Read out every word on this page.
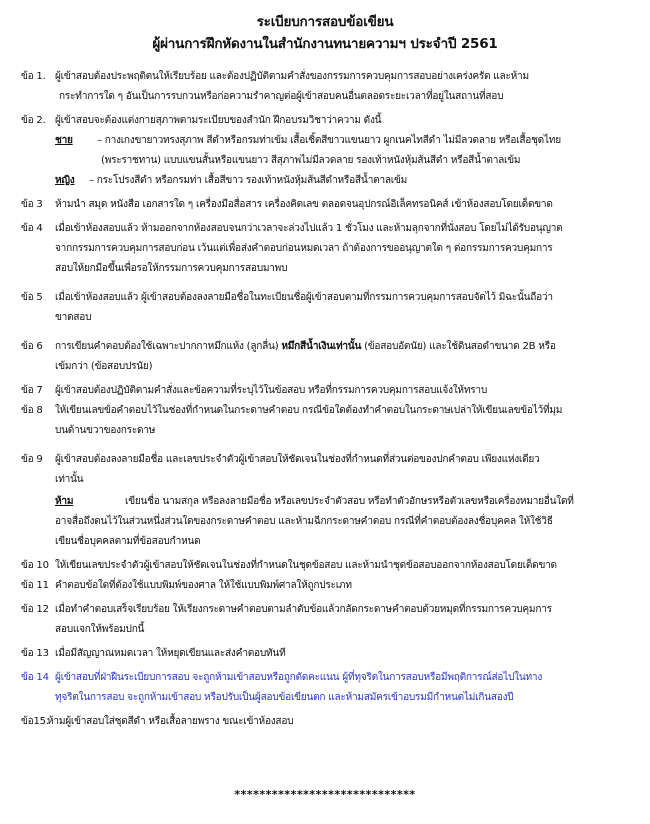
ระเบียบการสอบข้อเขียน
ผู้ผ่านการฝึกหัดงานในสำนักงานทนายความฯ ประจำปี 2561
ข้อ 1. ผู้เข้าสอบต้องประพฤติตนให้เรียบร้อย และต้องปฏิบัติตามคำสั่งของกรรมการควบคุมการสอบอย่างเคร่งครัด และห้าม
กระทำการใด ๆ อันเป็นการรบกวนหรือก่อความรำคาญต่อผู้เข้าสอบคนอื่นตลอดระยะเวลาที่อยู่ในสถานที่สอบ
ข้อ 2. ผู้เข้าสอบจะต้องแต่งกายสุภาพตามระเบียบของสำนัก ฝึกอบรมวิชาว่าความ ดังนี้
ชาย	– กางเกงขายาวทรงสุภาพ สีดำหรือกรมท่าเข้ม เสื้อเชิ้ตสีขาวแขนยาว ผูกเนคไทสีดำ ไม่มีลวดลาย หรือเสื้อชุดไทย
(พระราชทาน) แบบแขนสั้นหรือแขนยาว สีสุภาพไม่มีลวดลาย รองเท้าหนังหุ้มส้นสีดำ หรือสีน้ำตาลเข้ม
หญิง	– กระโปรงสีดำ หรือกรมท่า เสื้อสีขาว รองเท้าหนังหุ้มส้นสีดำหรือสีน้ำตาลเข้ม
ข้อ 3	ห้ามนำ สมุด หนังสือ เอกสารใด ๆ เครื่องมือสื่อสาร เครื่องคิดเลข ตลอดจนอุปกรณ์อิเล็คทรอนิคส์ เข้าห้องสอบโดยเด็ดขาด
ข้อ 4	เมื่อเข้าห้องสอบแล้ว ห้ามออกจากห้องสอบจนกว่าเวลาจะล่วงไปแล้ว 1 ชั่วโมง และห้ามลุกจากที่นั่งสอบ โดยไม่ได้รับอนุญาต
จากกรรมการควบคุมการสอบก่อน เว้นแต่เพื่อส่งคำตอบก่อนหมดเวลา ถ้าต้องการขออนุญาตใด ๆ ต่อกรรมการควบคุมการ
สอบให้ยกมือขึ้นเพื่อรอให้กรรมการควบคุมการสอบมาพบ
ข้อ 5	เมื่อเข้าห้องสอบแล้ว ผู้เข้าสอบต้องลงลายมือชื่อในทะเบียนชื่อผู้เข้าสอบตามที่กรรมการควบคุมการสอบจัดไว้ มิฉะนั้นถือว่า
ขาดสอบ
ข้อ 6	การเขียนคำตอบต้องใช้เฉพาะปากกาหมึกแห้ง (ลูกลื่น) หมึกสีน้ำเงินเท่านั้น (ข้อสอบอัตนัย) และใช้ดินสอดำขนาด 2B หรือ
เข้มกว่า (ข้อสอบปรนัย)
ข้อ 7	ผู้เข้าสอบต้องปฏิบัติตามคำสั่งและข้อความที่ระบุไว้ในข้อสอบ หรือที่กรรมการควบคุมการสอบแจ้งให้ทราบ
ข้อ 8	ให้เขียนเลขข้อคำตอบไว้ในช่องที่กำหนดในกระดาษคำตอบ กรณีข้อใดต้องทำคำตอบในกระดาษเปล่าให้เขียนเลขข้อไว้ที่มุม
บนด้านขวาของกระดาษ
ข้อ 9	ผู้เข้าสอบต้องลงลายมือชื่อ และเลขประจำตัวผู้เข้าสอบให้ชัดเจนในช่องที่กำหนดที่ส่วนต่อของปกคำตอบ เพียงแห่งเดียว
เท่านั้น
ห้าม	เขียนชื่อ นามสกุล หรือลงลายมือชื่อ หรือเลขประจำตัวสอบ หรือทำตัวอักษรหรือตัวเลขหรือเครื่องหมายอื่นใดที่
อาจสื่อถึงตนไว้ในส่วนหนึ่งส่วนใดของกระดาษคำตอบ และห้ามฉีกกระดาษคำตอบ กรณีที่คำตอบต้องลงชื่อบุคคล ให้ใช้วิธี
เขียนชื่อบุคคลตามที่ข้อสอบกำหนด
ข้อ 10 ให้เขียนเลขประจำตัวผู้เข้าสอบให้ชัดเจนในช่องที่กำหนดในชุดข้อสอบ และห้ามนำชุดข้อสอบออกจากห้องสอบโดยเด็ดขาด
ข้อ 11 คำตอบข้อใดที่ต้องใช้แบบพิมพ์ของศาล ให้ใช้แบบพิมพ์ศาลให้ถูกประเภท
ข้อ 12 เมื่อทำคำตอบเสร็จเรียบร้อย ให้เรียงกระดาษคำตอบตามลำดับข้อแล้วกลัดกระดาษคำตอบด้วยหมุดที่กรรมการควบคุมการ
สอบแจกให้พร้อมปกนี้
ข้อ 13 เมื่อมีสัญญาณหมดเวลา ให้หยุดเขียนและส่งคำตอบทันที
ข้อ 14 ผู้เข้าสอบที่ฝ่าฝืนระเบียบการสอบ จะถูกห้ามเข้าสอบหรือถูกตัดคะแนน ผู้ที่ทุจริตในการสอบหรือมีพฤติการณ์ส่อไปในทาง
ทุจริตในการสอบ จะถูกห้ามเข้าสอบ หรือปรับเป็นผู้สอบข้อเขียนตก และห้ามสมัครเข้าอบรมมีกำหนดไม่เกินสองปี
ข้อ15.
ห้ามผู้เข้าสอบใส่ชุดสีดำ หรือเสื้อลายพราง ขณะเข้าห้องสอบ
*****************************
